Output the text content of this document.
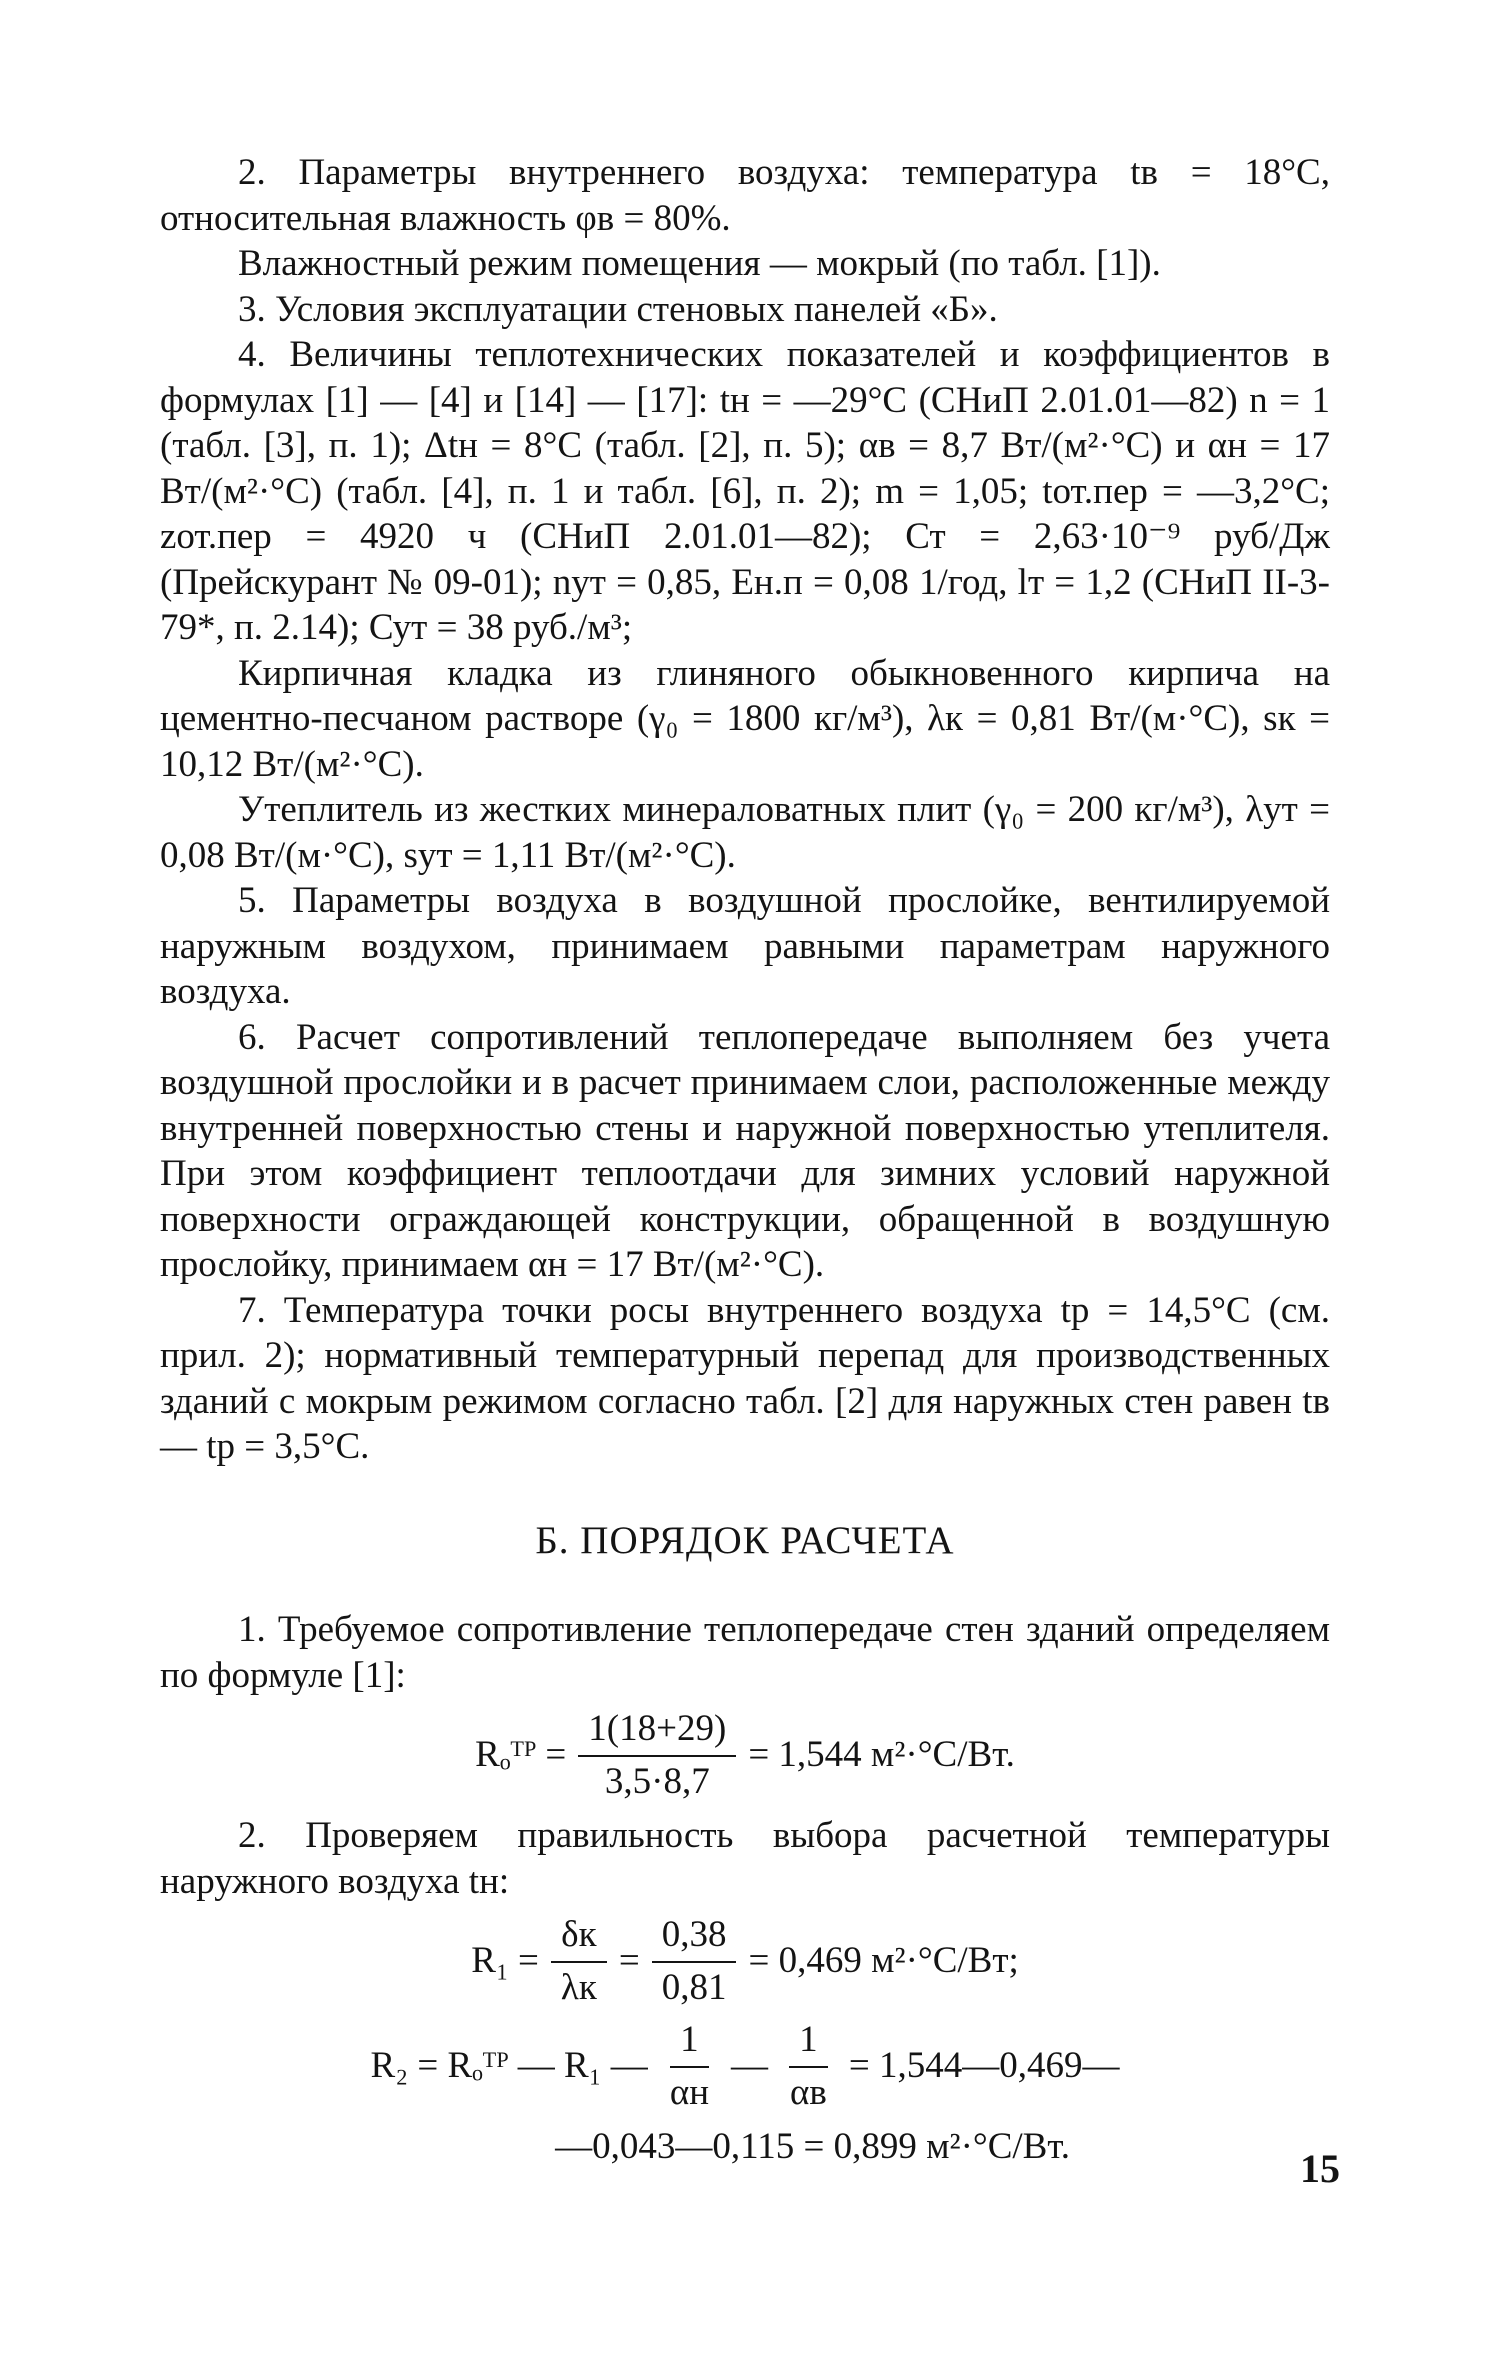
2. Параметры внутреннего воздуха: температура tв = 18°С, относительная влажность φв = 80%.

Влажностный режим помещения — мокрый (по табл. [1]).

3. Условия эксплуатации стеновых панелей «Б».

4. Величины теплотехнических показателей и коэффициентов в формулах [1] — [4] и [14] — [17]: tн = —29°С (СНиП 2.01.01—82) n = 1 (табл. [3], п. 1); Δtн = 8°С (табл. [2], п. 5); αв = 8,7 Вт/(м²·°С) и αн = 17 Вт/(м²·°С) (табл. [4], п. 1 и табл. [6], п. 2); m = 1,05; tот.пер = —3,2°С; zот.пер = 4920 ч (СНиП 2.01.01—82); Ст = 2,63·10⁻⁹ руб/Дж (Прейскурант № 09-01); nут = 0,85, Ен.п = 0,08 1/год, lт = 1,2 (СНиП II-3-79*, п. 2.14); Сут = 38 руб./м³;

Кирпичная кладка из глиняного обыкновенного кирпича на цементно-песчаном растворе (γ₀ = 1800 кг/м³), λк = 0,81 Вт/(м·°С), sк = 10,12 Вт/(м²·°С).

Утеплитель из жестких минераловатных плит (γ₀ = 200 кг/м³), λут = 0,08 Вт/(м·°С), sут = 1,11 Вт/(м²·°С).

5. Параметры воздуха в воздушной прослойке, вентилируемой наружным воздухом, принимаем равными параметрам наружного воздуха.

6. Расчет сопротивлений теплопередаче выполняем без учета воздушной прослойки и в расчет принимаем слои, расположенные между внутренней поверхностью стены и наружной поверхностью утеплителя. При этом коэффициент теплоотдачи для зимних условий наружной поверхности ограждающей конструкции, обращенной в воздушную прослойку, принимаем αн = 17 Вт/(м²·°С).

7. Температура точки росы внутреннего воздуха tр = 14,5°С (см. прил. 2); нормативный температурный перепад для производственных зданий с мокрым режимом согласно табл. [2] для наружных стен равен tв — tр = 3,5°С.

Б. ПОРЯДОК РАСЧЕТА

1. Требуемое сопротивление теплопередаче стен зданий определяем по формуле [1]:

Rₒᵀᴾ = $\frac{1(18+29)}{3,5\cdot 8,7} = 1,544$ м²·°С/Вт.

2. Проверяем правильность выбора расчетной температуры наружного воздуха tн:

$R_1 = \frac{\delta к}{\lambda к} = \frac{0,38}{0,81} = 0,469$ м²·°С/Вт;
R₂ = Rₒᵀᴾ — R₁ — $\frac{1}{\alpha н}$ — $\frac{1}{\alpha в}$ = 1,544—0,469—

—0,043—0,115 = 0,899 м²·°С/Вт.	15
